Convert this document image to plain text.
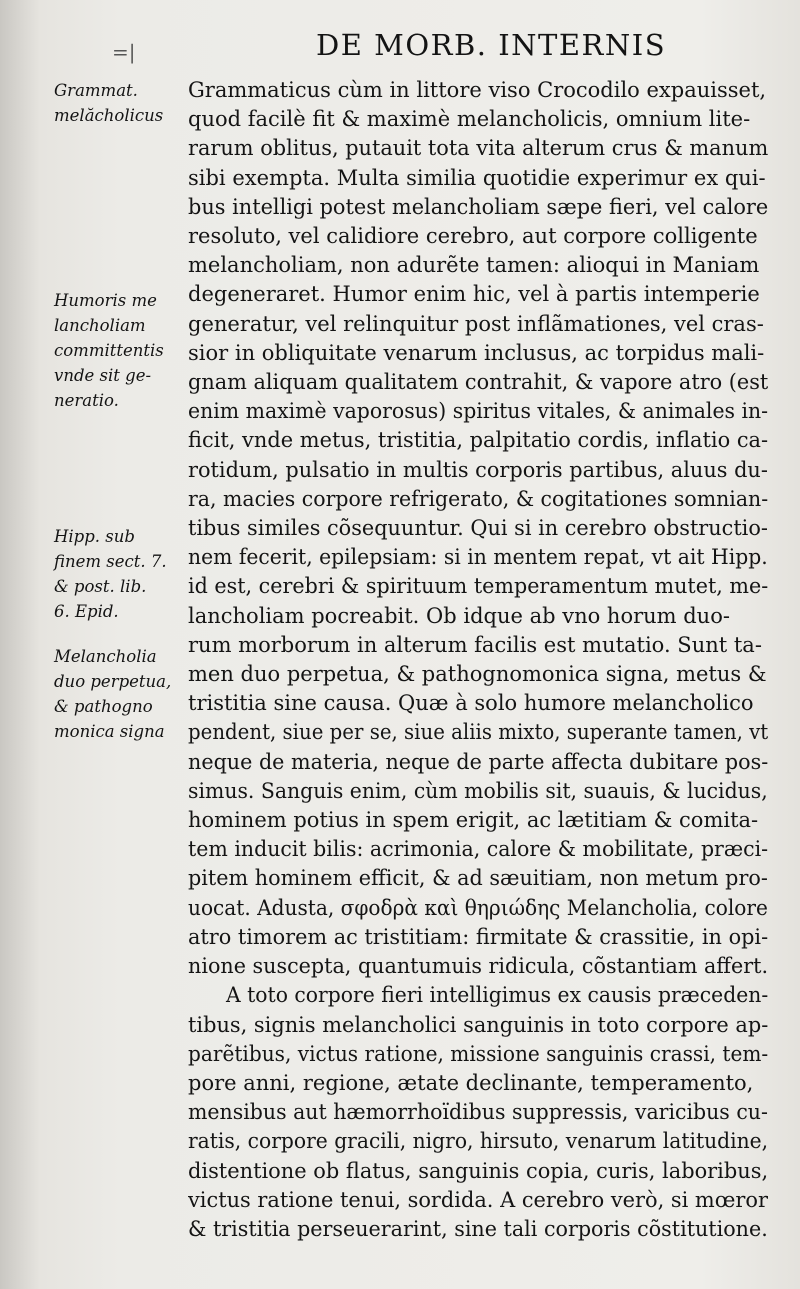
=|	DE MORB. INTERNIS
Grammat.
melăcholicus
Humoris me
lancholiam
committentis
vnde sit ge-
neratio.
Hipp. sub
finem sect. 7.
& post. lib.
6. Epid.
Melancholia
duo perpetua,
& pathogno
monica signa
Grammaticus cùm in littore viso Crocodilo expauisset,
quod facilè fit & maximè melancholicis, omnium lite-
rarum oblitus, putauit tota vita alterum crus & manum
sibi exempta. Multa similia quotidie experimur ex qui-
bus intelligi potest melancholiam sæpe fieri, vel calore
resoluto, vel calidiore cerebro, aut corpore colligente
melancholiam, non adurẽte tamen: alioqui in Maniam
degeneraret. Humor enim hic, vel à partis intemperie
generatur, vel relinquitur post inflãmationes, vel cras-
sior in obliquitate venarum inclusus, ac torpidus mali-
gnam aliquam qualitatem contrahit, & vapore atro (est
enim maximè vaporosus) spiritus vitales, & animales in-
ficit, vnde metus, tristitia, palpitatio cordis, inflatio ca-
rotidum, pulsatio in multis corporis partibus, aluus du-
ra, macies corpore refrigerato, & cogitationes somnian-
tibus similes cõsequuntur. Qui si in cerebro obstructio-
nem fecerit, epilepsiam: si in mentem repat, vt ait Hipp.
id est, cerebri & spirituum temperamentum mutet, me-
lancholiam pocreabit. Ob idque ab vno horum duo-
rum morborum in alterum facilis est mutatio. Sunt ta-
men duo perpetua, & pathognomonica signa, metus &
tristitia sine causa. Quæ à solo humore melancholico
pendent, siue per se, siue aliis mixto, superante tamen, vt
neque de materia, neque de parte affecta dubitare pos-
simus. Sanguis enim, cùm mobilis sit, suauis, & lucidus,
hominem potius in spem erigit, ac lætitiam & comita-
tem inducit bilis: acrimonia, calore & mobilitate, præci-
pitem hominem efficit, & ad sæuitiam, non metum pro-
uocat. Adusta, σφοδρὰ καὶ θηριώδης Melancholia, colore
atro timorem ac tristitiam: firmitate & crassitie, in opi-
nione suscepta, quantumuis ridicula, cõstantiam affert.
A toto corpore fieri intelligimus ex causis præceden-
tibus, signis melancholici sanguinis in toto corpore ap-
parẽtibus, victus ratione, missione sanguinis crassi, tem-
pore anni, regione, ætate declinante, temperamento,
mensibus aut hæmorrhoïdibus suppressis, varicibus cu-
ratis, corpore gracili, nigro, hirsuto, venarum latitudine,
distentione ob flatus, sanguinis copia, curis, laboribus,
victus ratione tenui, sordida. A cerebro verò, si mœror
& tristitia perseuerarint, sine tali corporis cõstitutione.
